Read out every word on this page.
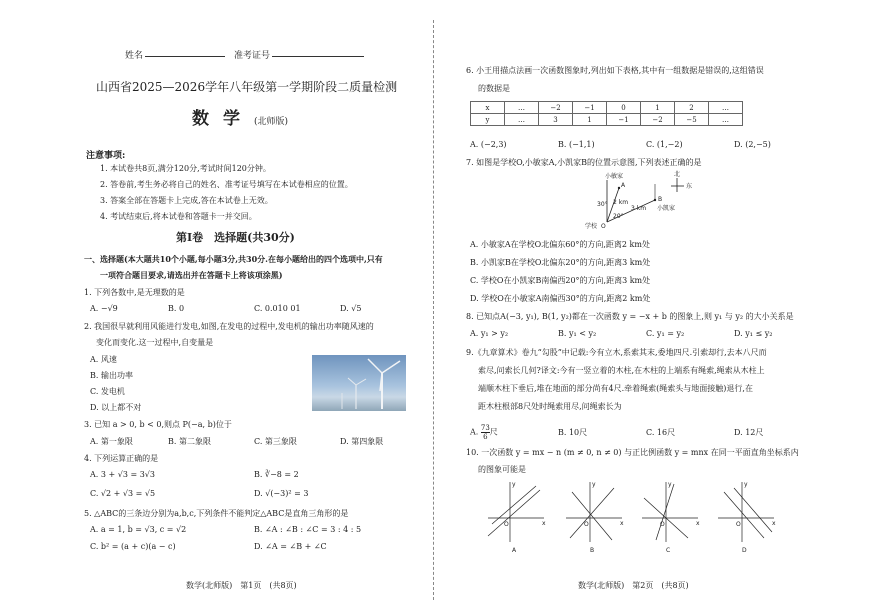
姓名	准考证号
山西省2025—2026学年八年级第一学期阶段二质量检测
数学(北师版)
注意事项:
1. 本试卷共8页,满分120分,考试时间120分钟。
2. 答卷前,考生务必将自己的姓名、准考证号填写在本试卷相应的位置。
3. 答案全部在答题卡上完成,答在本试卷上无效。
4. 考试结束后,将本试卷和答题卡一并交回。
第Ⅰ卷　选择题(共30分)
一、选择题(本大题共10个小题,每小题3分,共30分.在每小题给出的四个选项中,只有
一项符合题目要求,请选出并在答题卡上将该项涂黑)
1. 下列各数中,是无理数的是
A. −√9	B. 0	C. 0.010 01	D. √5
2. 我国很早就利用风能进行发电,如图,在发电的过程中,发电机的输出功率随风速的
变化而变化.这一过程中,自变量是
A. 风速
B. 输出功率
C. 发电机
D. 以上都不对
3. 已知 a > 0, b < 0,则点 P(−a, b)位于
A. 第一象限	B. 第二象限	C. 第三象限	D. 第四象限
4. 下列运算正确的是
A. 3 + √3 = 3√3	B. ∛−8 = 2
C. √2 + √3 = √5	D. √(−3)² = 3
5. △ABC的三条边分别为a,b,c,下列条件不能判定△ABC是直角三角形的是
A. a = 1, b = √3, c = √2	B. ∠A : ∠B : ∠C = 3 : 4 : 5
C. b² = (a + c)(a − c)	D. ∠A = ∠B + ∠C
数学(北师版)　第1页　(共8页)
6. 小王用描点法画一次函数图象时,列出如下表格,其中有一组数据是错误的,这组错误
的数据是
x	…	−2	−1	0	1	2	…
y	…	3	1	−1	−2	−5	…
A. (−2,3)	B. (−1,1)	C. (1,−2)	D. (2,−5)
7. 如图是学校O,小敏家A,小凯家B的位置示意图,下列表述正确的是
小敏家
A
B
小凯家
O
学校
2 km
3 km
30°
20°
北
东
A. 小敏家A在学校O北偏东60°的方向,距离2 km处
B. 小凯家B在学校O北偏东20°的方向,距离3 km处
C. 学校O在小凯家B南偏西20°的方向,距离3 km处
D. 学校O在小敏家A南偏西30°的方向,距离2 km处
8. 已知点A(−3, y₁), B(1, y₂)都在一次函数 y = −x + b 的图象上,则 y₁ 与 y₂ 的大小关系是
A. y₁ > y₂	B. y₁ < y₂	C. y₁ = y₂	D. y₁ ≤ y₂
9.《九章算术》卷九“勾股”中记载:今有立木,系索其末,委地四尺.引索却行,去本八尺而
索尽,问索长几何?译文:今有一竖立着的木柱,在木柱的上端系有绳索,绳索从木柱上
端顺木柱下垂后,堆在地面的部分尚有4尺.牵着绳索(绳索头与地面接触)退行,在
距木柱根部8尺处时绳索用尽,问绳索长为
A. $\frac{73}{6}$ 尺	B. 10尺	C. 16尺	D. 12尺
10. 一次函数 y = mx − n (m ≠ 0, n ≠ 0) 与正比例函数 y = mnx 在同一平面直角坐标系内
的图象可能是
x
y
O
A
x
y
O
B
x
y
O
C
x
y
O
D
数学(北师版)　第2页　(共8页)
